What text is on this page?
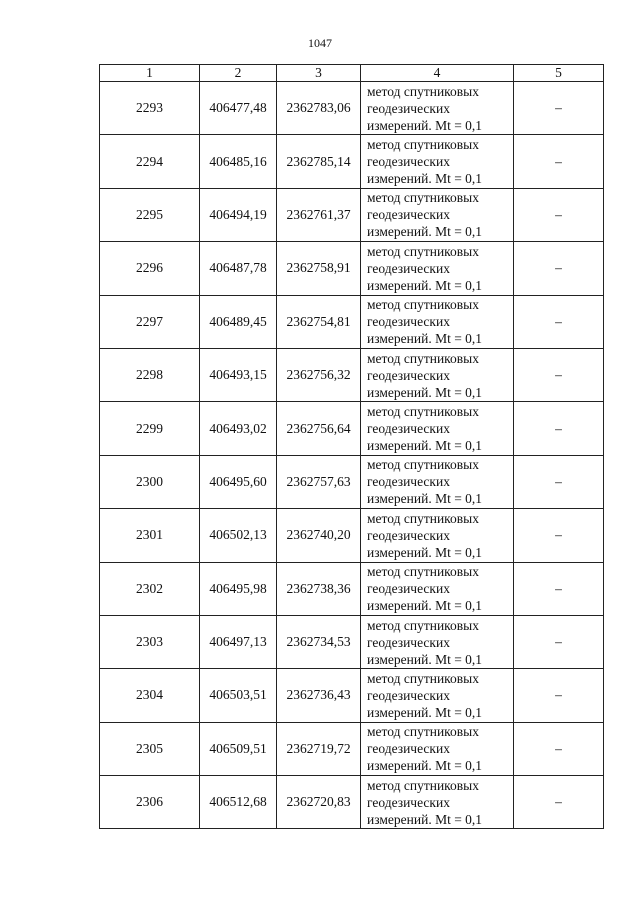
1047
1	2	3	4	5
2293	406477,48	2362783,06	метод спутниковых
геодезических
измерений. Mt = 0,1	–
2294	406485,16	2362785,14	метод спутниковых
геодезических
измерений. Mt = 0,1	–
2295	406494,19	2362761,37	метод спутниковых
геодезических
измерений. Mt = 0,1	–
2296	406487,78	2362758,91	метод спутниковых
геодезических
измерений. Mt = 0,1	–
2297	406489,45	2362754,81	метод спутниковых
геодезических
измерений. Mt = 0,1	–
2298	406493,15	2362756,32	метод спутниковых
геодезических
измерений. Mt = 0,1	–
2299	406493,02	2362756,64	метод спутниковых
геодезических
измерений. Mt = 0,1	–
2300	406495,60	2362757,63	метод спутниковых
геодезических
измерений. Mt = 0,1	–
2301	406502,13	2362740,20	метод спутниковых
геодезических
измерений. Mt = 0,1	–
2302	406495,98	2362738,36	метод спутниковых
геодезических
измерений. Mt = 0,1	–
2303	406497,13	2362734,53	метод спутниковых
геодезических
измерений. Mt = 0,1	–
2304	406503,51	2362736,43	метод спутниковых
геодезических
измерений. Mt = 0,1	–
2305	406509,51	2362719,72	метод спутниковых
геодезических
измерений. Mt = 0,1	–
2306	406512,68	2362720,83	метод спутниковых
геодезических
измерений. Mt = 0,1	–
